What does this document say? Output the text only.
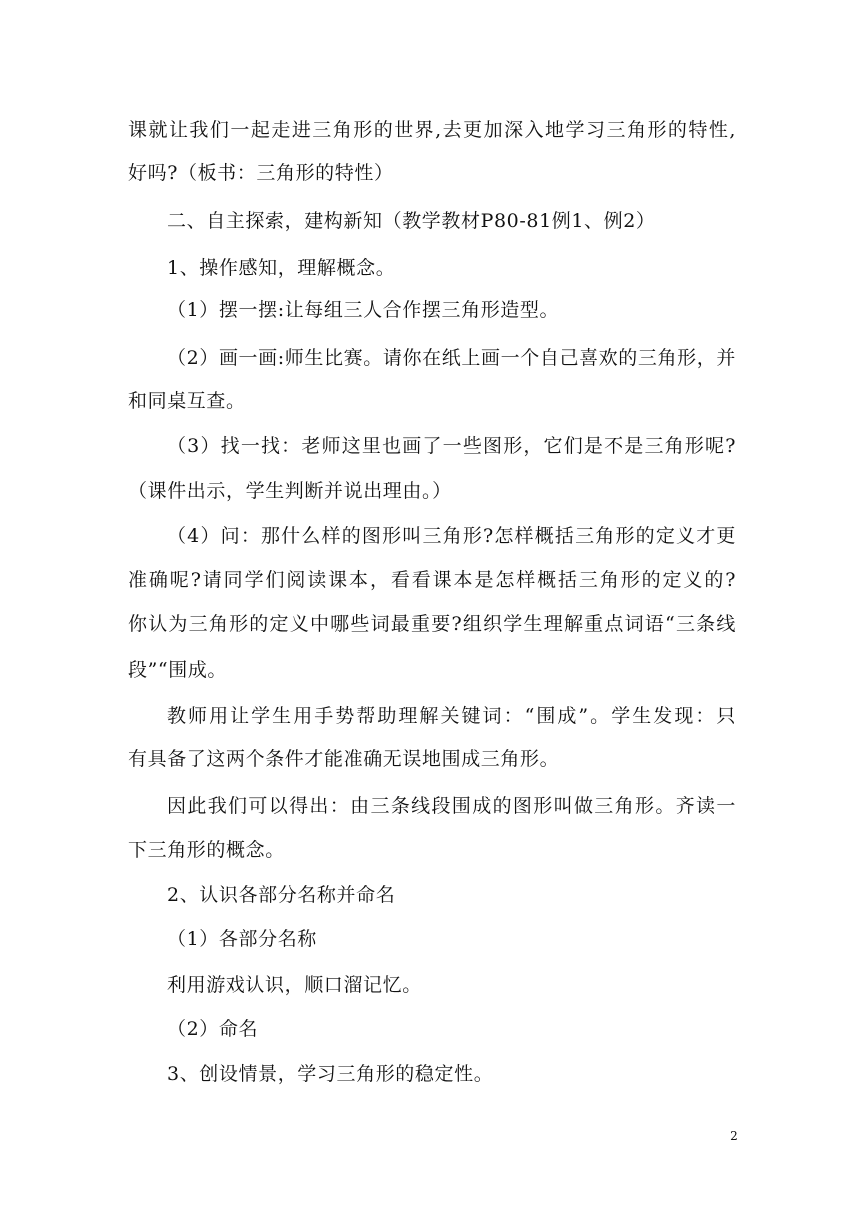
课就让我们一起走进三角形的世界,去更加深入地学习三角形的特性,
好吗?（板书：三角形的特性）
二、自主探索，建构新知（教学教材P80-81例1、例2）
1、操作感知，理解概念。
（1）摆一摆:让每组三人合作摆三角形造型。
（2）画一画:师生比赛。请你在纸上画一个自己喜欢的三角形，并
和同桌互查。
（3）找一找：老师这里也画了一些图形，它们是不是三角形呢?
（课件出示，学生判断并说出理由。）
（4）问：那什么样的图形叫三角形?怎样概括三角形的定义才更
准确呢?请同学们阅读课本，看看课本是怎样概括三角形的定义的?
你认为三角形的定义中哪些词最重要?组织学生理解重点词语“三条线
段”“围成。
教师用让学生用手势帮助理解关键词：“围成”。学生发现：只
有具备了这两个条件才能准确无误地围成三角形。
因此我们可以得出：由三条线段围成的图形叫做三角形。齐读一
下三角形的概念。
2、认识各部分名称并命名
（1）各部分名称
利用游戏认识，顺口溜记忆。
（2）命名
3、创设情景，学习三角形的稳定性。
2
